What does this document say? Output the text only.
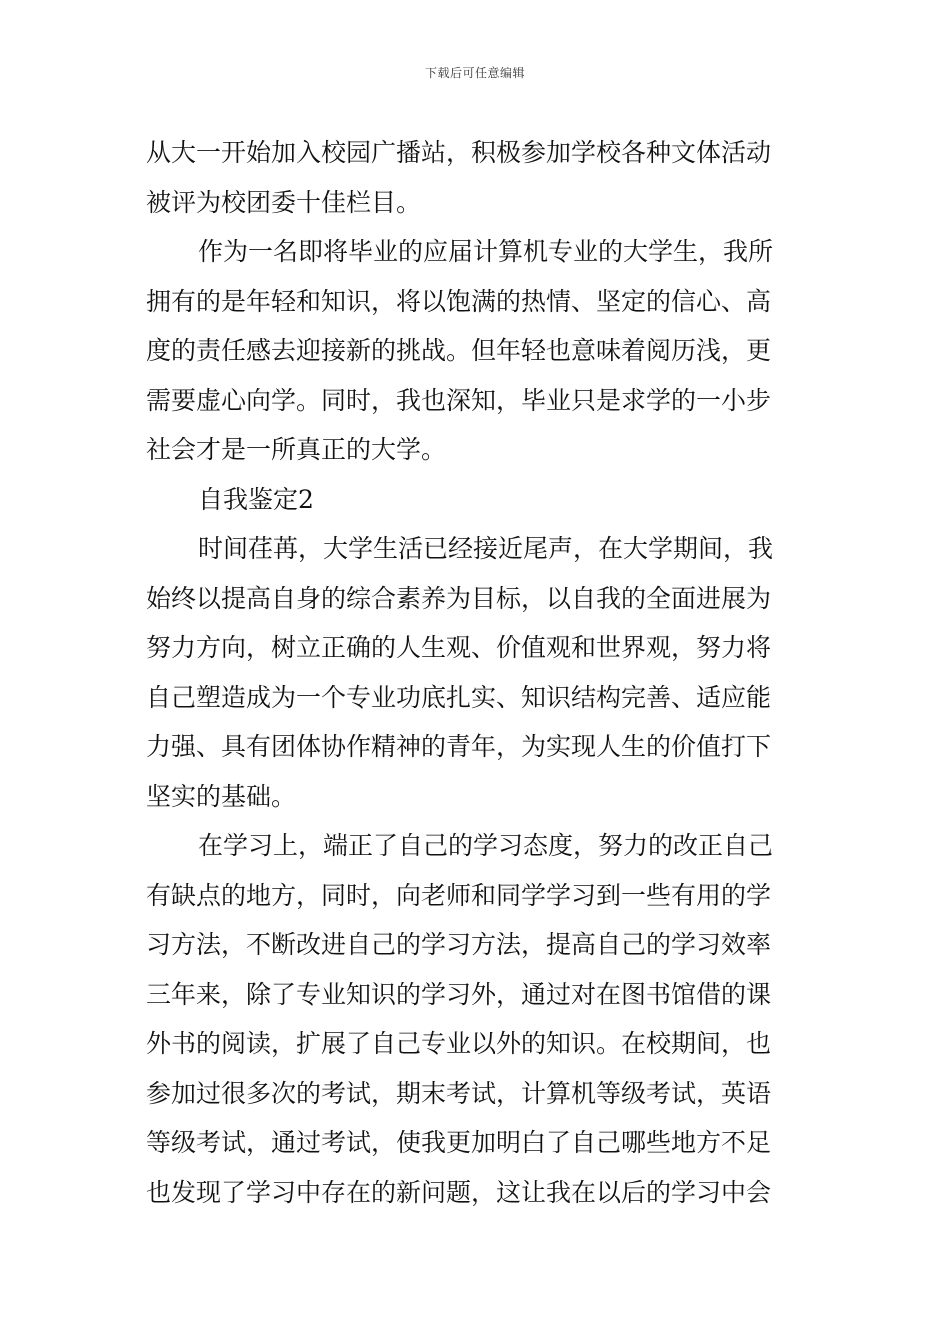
下载后可任意编辑
从大一开始加入校园广播站，积极参加学校各种文体活动
被评为校团委十佳栏目。
作为一名即将毕业的应届计算机专业的大学生，我所
拥有的是年轻和知识，将以饱满的热情、坚定的信心、高
度的责任感去迎接新的挑战。但年轻也意味着阅历浅，更
需要虚心向学。同时，我也深知，毕业只是求学的一小步
社会才是一所真正的大学。
自我鉴定2
时间荏苒，大学生活已经接近尾声，在大学期间，我
始终以提高自身的综合素养为目标，以自我的全面进展为
努力方向，树立正确的人生观、价值观和世界观，努力将
自己塑造成为一个专业功底扎实、知识结构完善、适应能
力强、具有团体协作精神的青年，为实现人生的价值打下
坚实的基础。
在学习上，端正了自己的学习态度，努力的改正自己
有缺点的地方，同时，向老师和同学学习到一些有用的学
习方法，不断改进自己的学习方法，提高自己的学习效率
三年来，除了专业知识的学习外，通过对在图书馆借的课
外书的阅读，扩展了自己专业以外的知识。在校期间，也
参加过很多次的考试，期末考试，计算机等级考试，英语
等级考试，通过考试，使我更加明白了自己哪些地方不足
也发现了学习中存在的新问题，这让我在以后的学习中会
